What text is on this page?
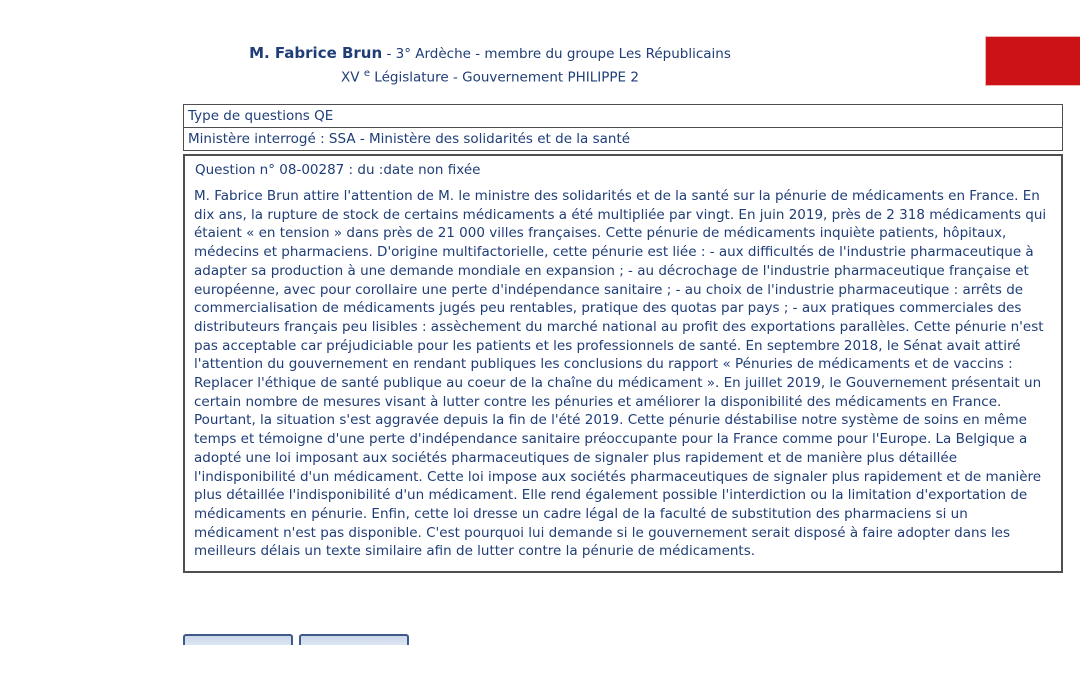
M. Fabrice Brun - 3° Ardèche - membre du groupe Les Républicains
XV $^e$ Législature - Gouvernement PHILIPPE 2
Type de questions QE
Ministère interrogé : SSA - Ministère des solidarités et de la santé
Question n° 08-00287 : du :date non fixée

M. Fabrice Brun attire l'attention de M. le ministre des solidarités et de la santé sur la pénurie de médicaments en France. En dix ans, la rupture de stock de certains médicaments a été multipliée par vingt. En juin 2019, près de 2 318 médicaments qui étaient « en tension » dans près de 21 000 villes françaises. Cette pénurie de médicaments inquiète patients, hôpitaux, médecins et pharmaciens. D'origine multifactorielle, cette pénurie est liée : - aux difficultés de l'industrie pharmaceutique à adapter sa production à une demande mondiale en expansion ; - au décrochage de l'industrie pharmaceutique française et européenne, avec pour corollaire une perte d'indépendance sanitaire ; - au choix de l'industrie pharmaceutique : arrêts de commercialisation de médicaments jugés peu rentables, pratique des quotas par pays ; - aux pratiques commerciales des distributeurs français peu lisibles : assèchement du marché national au profit des exportations parallèles. Cette pénurie n'est pas acceptable car préjudiciable pour les patients et les professionnels de santé. En septembre 2018, le Sénat avait attiré l'attention du gouvernement en rendant publiques les conclusions du rapport « Pénuries de médicaments et de vaccins : Replacer l'éthique de santé publique au coeur de la chaîne du médicament ». En juillet 2019, le Gouvernement présentait un certain nombre de mesures visant à lutter contre les pénuries et améliorer la disponibilité des médicaments en France. Pourtant, la situation s'est aggravée depuis la fin de l'été 2019. Cette pénurie déstabilise notre système de soins en même temps et témoigne d'une perte d'indépendance sanitaire préoccupante pour la France comme pour l'Europe. La Belgique a adopté une loi imposant aux sociétés pharmaceutiques de signaler plus rapidement et de manière plus détaillée l'indisponibilité d'un médicament. Cette loi impose aux sociétés pharmaceutiques de signaler plus rapidement et de manière plus détaillée l'indisponibilité d'un médicament. Elle rend également possible l'interdiction ou la limitation d'exportation de médicaments en pénurie. Enfin, cette loi dresse un cadre légal de la faculté de substitution des pharmaciens si un médicament n'est pas disponible. C'est pourquoi lui demande si le gouvernement serait disposé à faire adopter dans les meilleurs délais un texte similaire afin de lutter contre la pénurie de médicaments.
